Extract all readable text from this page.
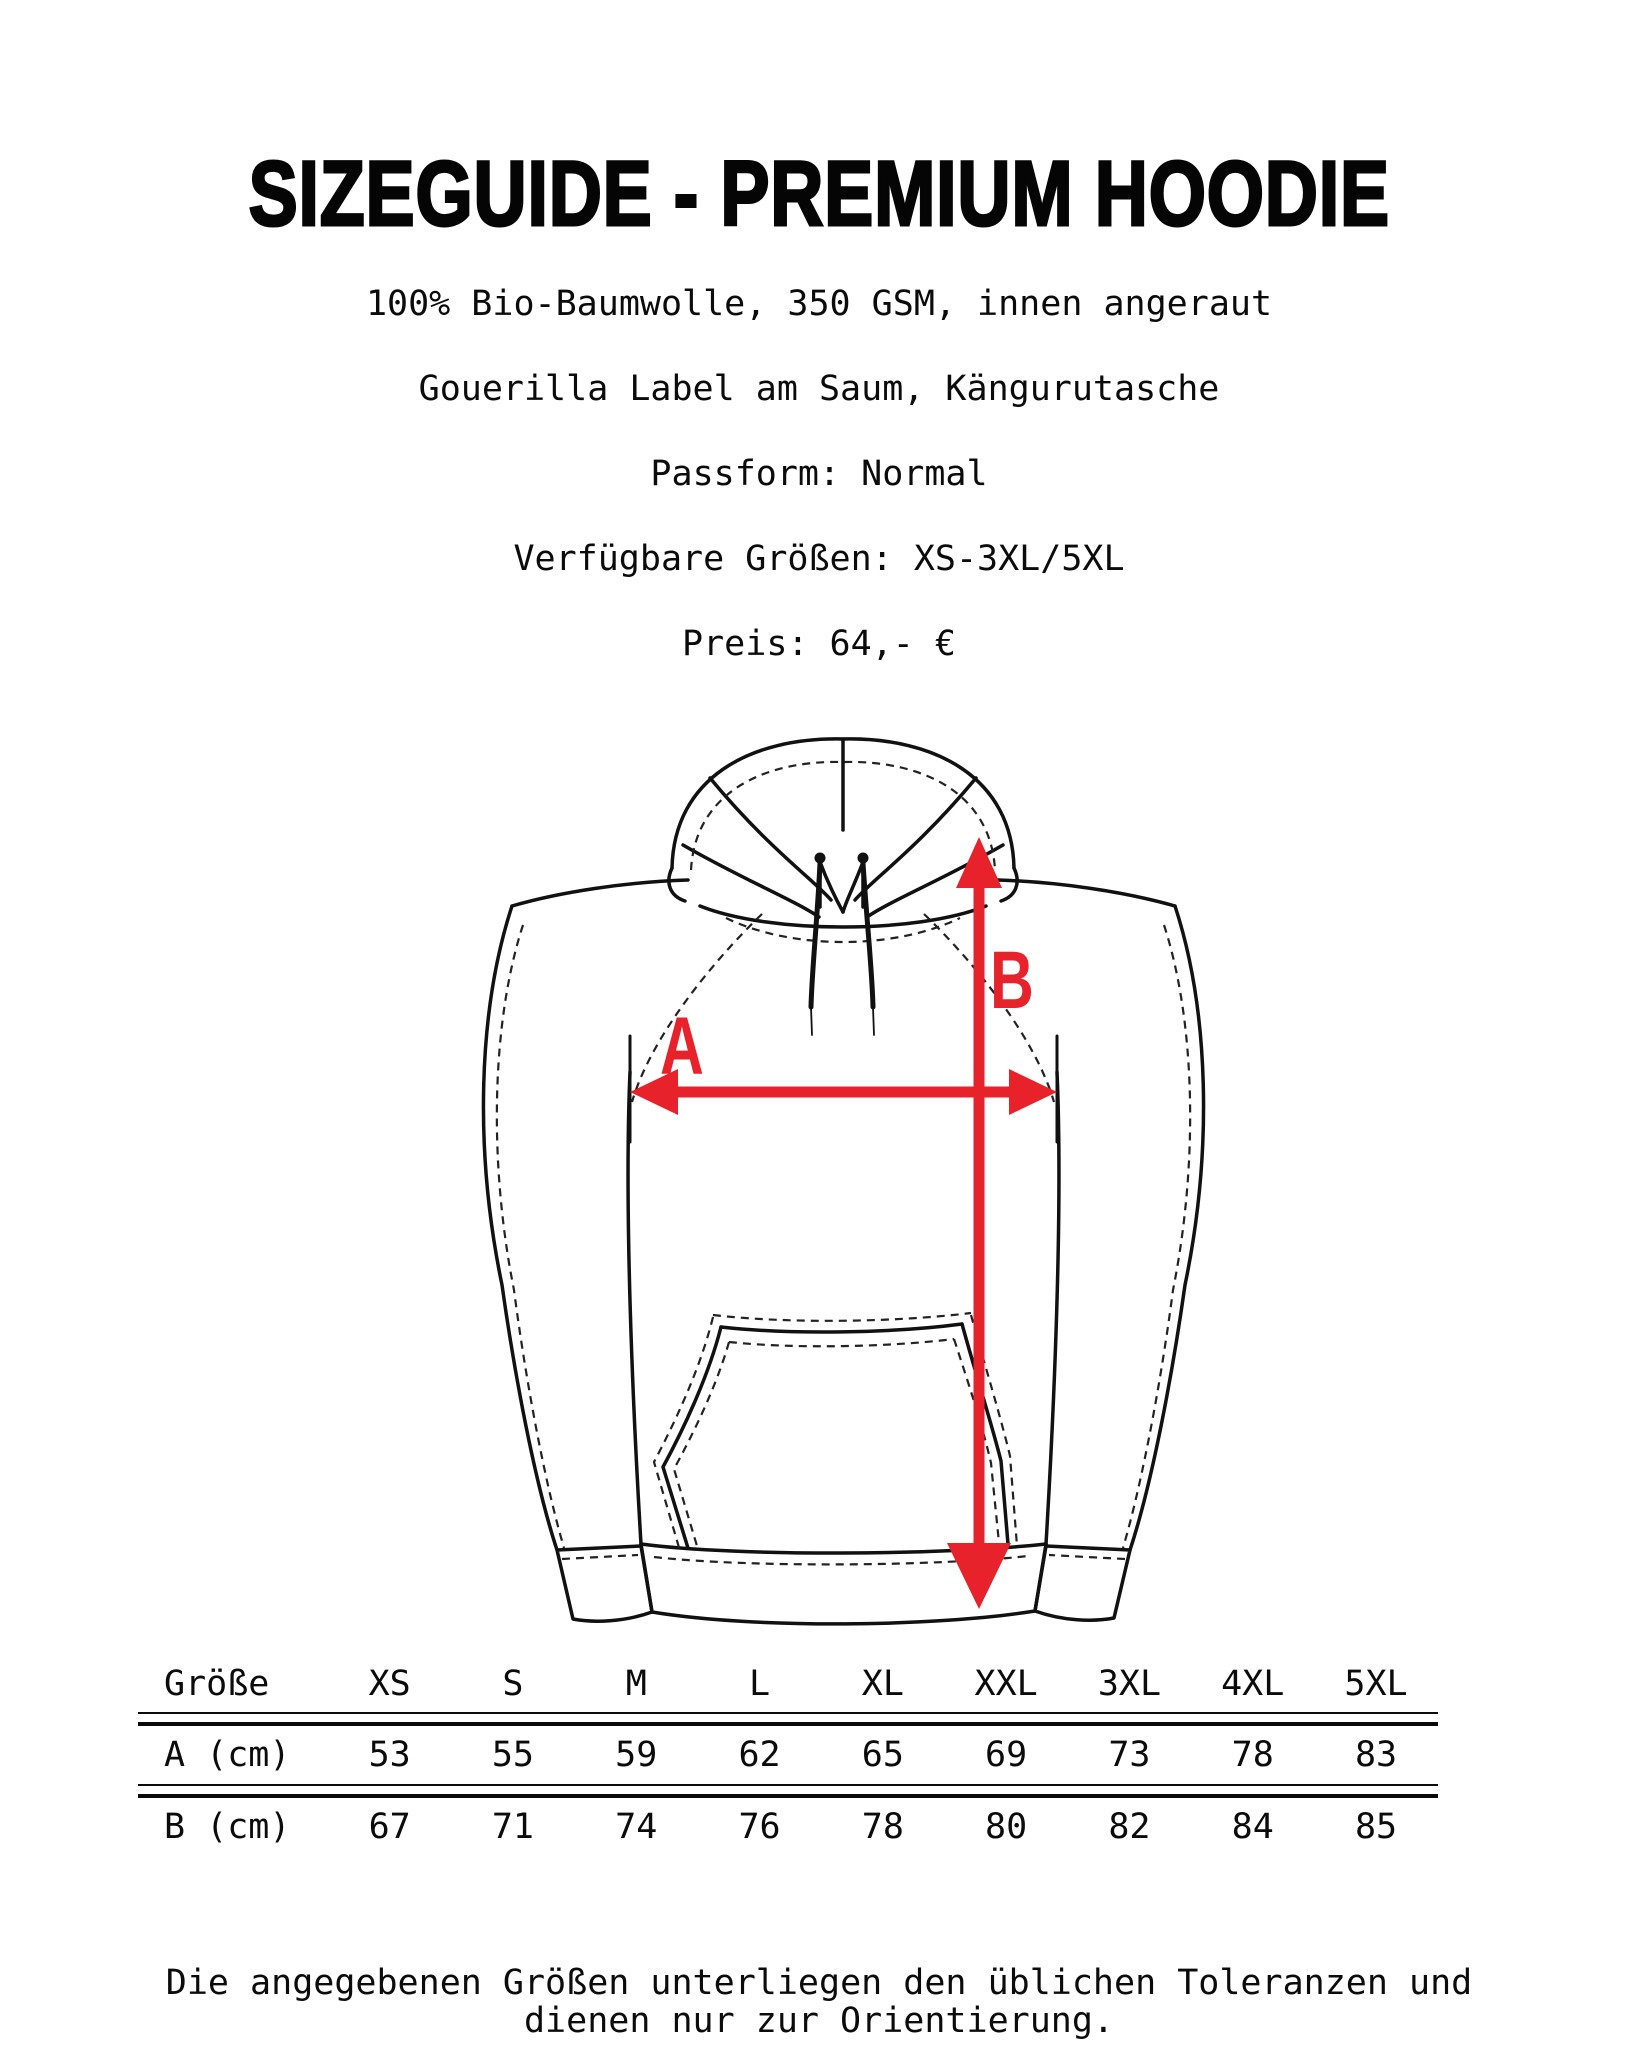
SIZEGUIDE - PREMIUM HOODIE

100% Bio-Baumwolle, 350 GSM, innen angeraut

Gouerilla Label am Saum, Kängurutasche

Passform: Normal

Verfügbare Größen: XS-3XL/5XL

Preis: 64,- €

A
B
Größe	XS	S	M	L	XL	XXL	3XL	4XL	5XL
A (cm)	53	55	59	62	65	69	73	78	83
B (cm)	67	71	74	76	78	80	82	84	85

Die angegebenen Größen unterliegen den üblichen Toleranzen und

dienen nur zur Orientierung.
